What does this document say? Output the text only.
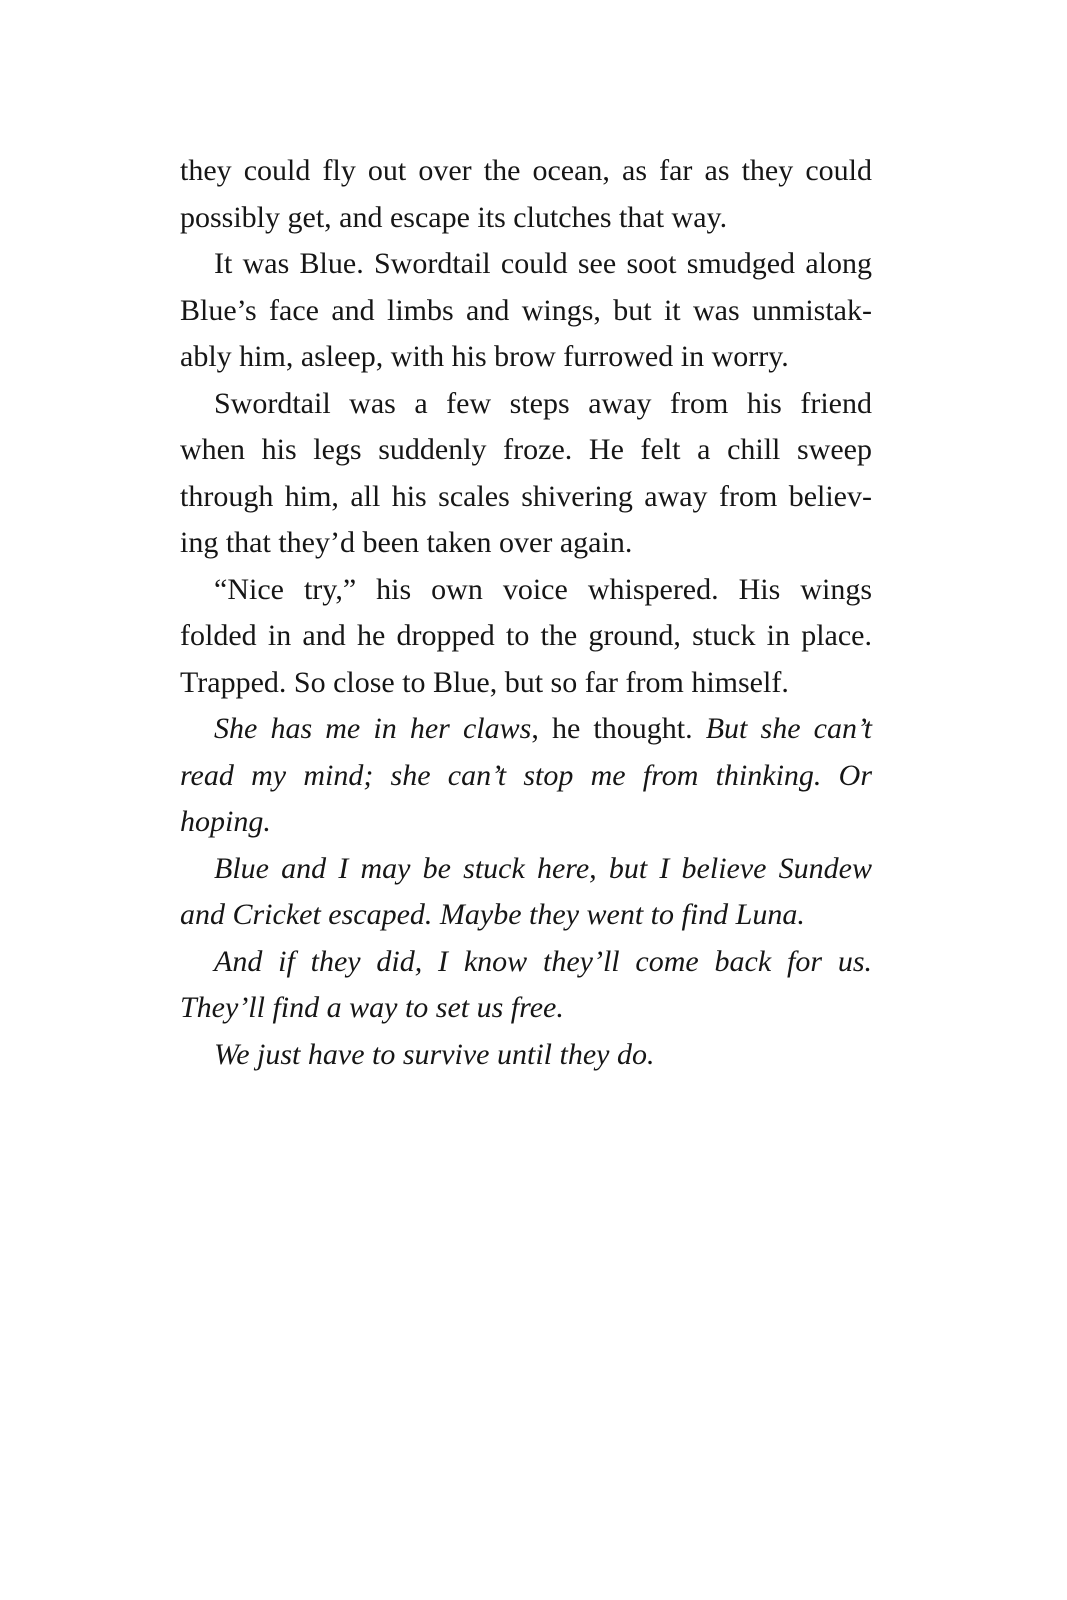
they could fly out over the ocean, as far as they could

possibly get, and escape its clutches that way.

It was Blue. Swordtail could see soot smudged along

Blue’s face and limbs and wings, but it was unmistak-

ably him, asleep, with his brow furrowed in worry.

Swordtail was a few steps away from his friend

when his legs suddenly froze. He felt a chill sweep

through him, all his scales shivering away from believ-

ing that they’d been taken over again.

“Nice try,” his own voice whispered. His wings

folded in and he dropped to the ground, stuck in place.

Trapped. So close to Blue, but so far from himself.

She has me in her claws, he thought. But she can’t

read my mind; she can’t stop me from thinking. Or

hoping.

Blue and I may be stuck here, but I believe Sundew

and Cricket escaped. Maybe they went to find Luna.

And if they did, I know they’ll come back for us.

They’ll find a way to set us free.

We just have to survive until they do.
